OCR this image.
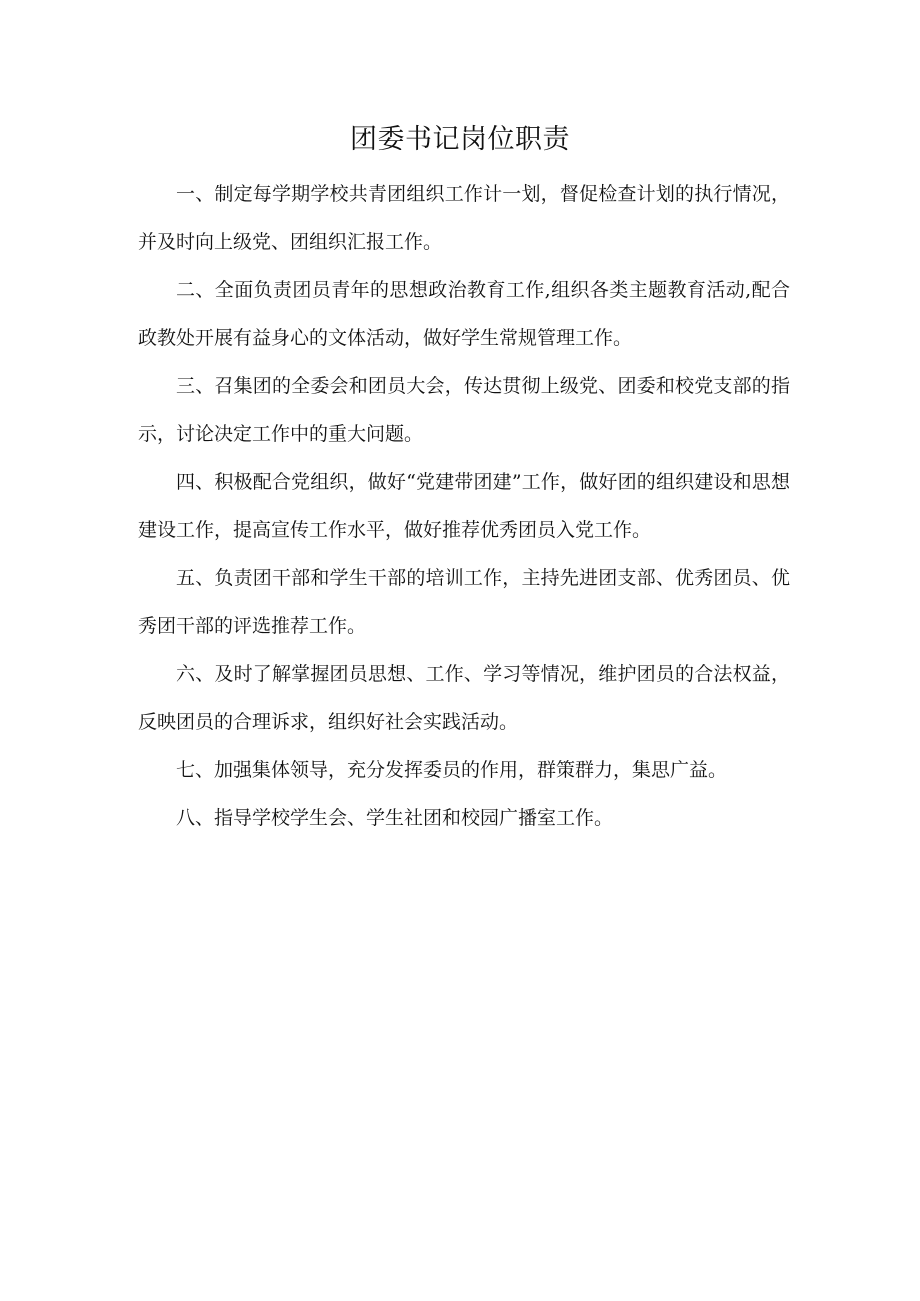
团委书记岗位职责

一、制定每学期学校共青团组织工作计一划，督促检查计划的执行情况，并及时向上级党、团组织汇报工作。

二、全面负责团员青年的思想政治教育工作,组织各类主题教育活动,配合政教处开展有益身心的文体活动，做好学生常规管理工作。

三、召集团的全委会和团员大会，传达贯彻上级党、团委和校党支部的指示，讨论决定工作中的重大问题。

四、积极配合党组织，做好“党建带团建”工作，做好团的组织建设和思想建设工作，提高宣传工作水平，做好推荐优秀团员入党工作。

五、负责团干部和学生干部的培训工作，主持先进团支部、优秀团员、优秀团干部的评选推荐工作。

六、及时了解掌握团员思想、工作、学习等情况，维护团员的合法权益，反映团员的合理诉求，组织好社会实践活动。

七、加强集体领导，充分发挥委员的作用，群策群力，集思广益。

八、指导学校学生会、学生社团和校园广播室工作。
